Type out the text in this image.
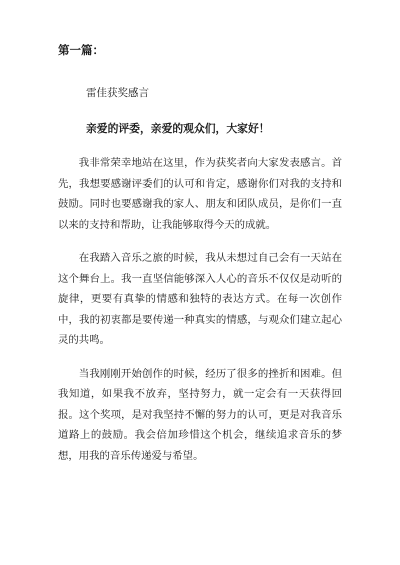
第一篇：

雷佳获奖感言

亲爱的评委，亲爱的观众们，大家好！

我非常荣幸地站在这里，作为获奖者向大家发表感言。首先，我想要感谢评委们的认可和肯定，感谢你们对我的支持和鼓励。同时也要感谢我的家人、朋友和团队成员，是你们一直以来的支持和帮助，让我能够取得今天的成就。

在我踏入音乐之旅的时候，我从未想过自己会有一天站在这个舞台上。我一直坚信能够深入人心的音乐不仅仅是动听的旋律，更要有真挚的情感和独特的表达方式。在每一次创作中，我的初衷都是要传递一种真实的情感，与观众们建立起心灵的共鸣。

当我刚刚开始创作的时候，经历了很多的挫折和困难。但我知道，如果我不放弃，坚持努力，就一定会有一天获得回报。这个奖项，是对我坚持不懈的努力的认可，更是对我音乐道路上的鼓励。我会倍加珍惜这个机会，继续追求音乐的梦想，用我的音乐传递爱与希望。
